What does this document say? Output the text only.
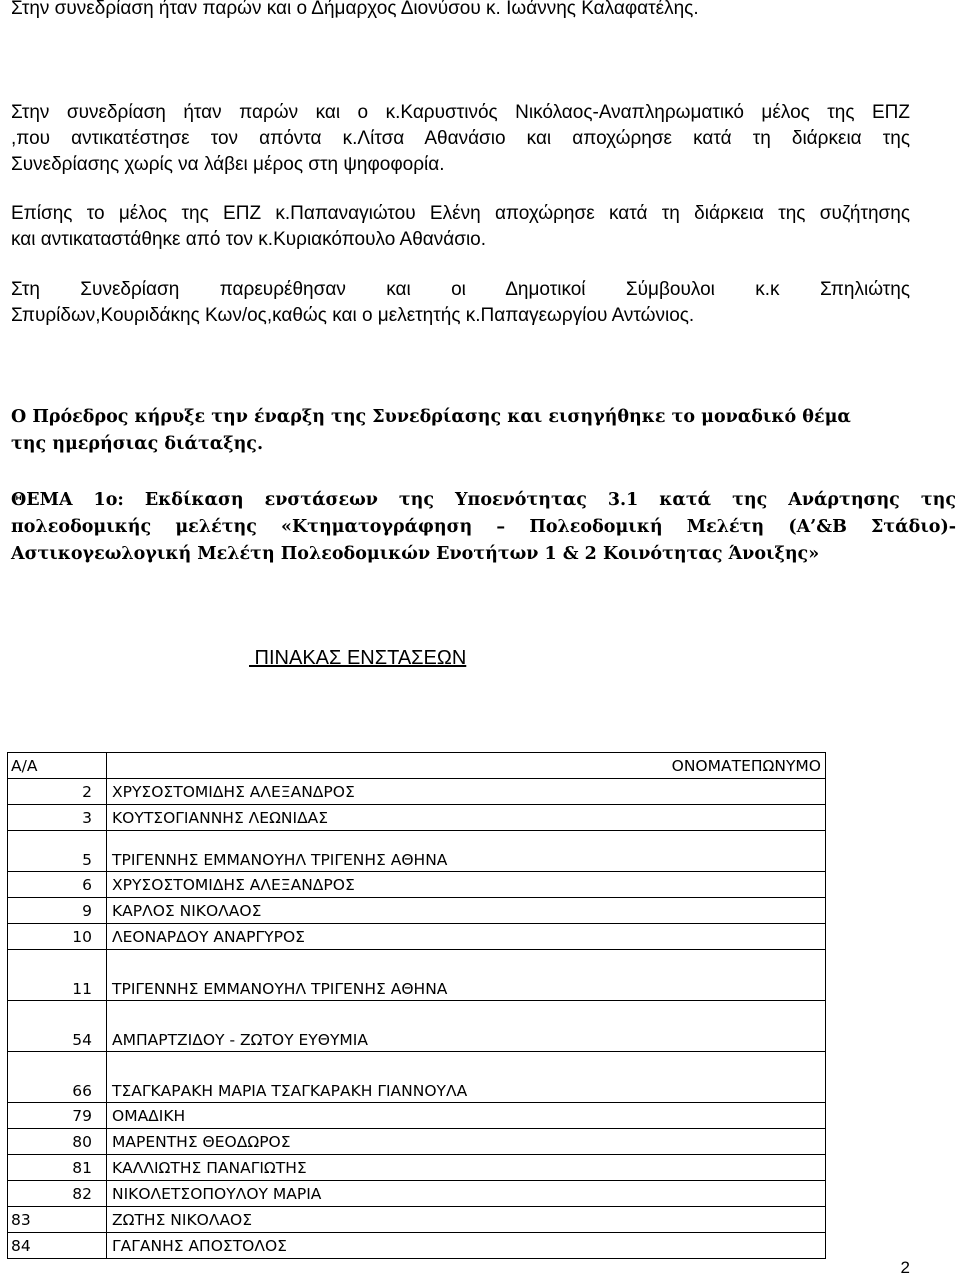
Στην συνεδρίαση ήταν παρών και ο Δήμαρχος Διονύσου κ. Ιωάννης Καλαφατέλης.
Στην συνεδρίαση ήταν παρών και ο κ.Καρυστινός Νικόλαος-Αναπληρωματικό μέλος της ΕΠΖ
,που αντικατέστησε τον απόντα κ.Λίτσα Αθανάσιο και αποχώρησε κατά τη διάρκεια της
Συνεδρίασης χωρίς να λάβει μέρος στη ψηφοφορία.
Επίσης το μέλος της ΕΠΖ κ.Παπαναγιώτου Ελένη αποχώρησε κατά τη διάρκεια της συζήτησης
και αντικαταστάθηκε από τον κ.Κυριακόπουλο Αθανάσιο.
Στη Συνεδρίαση παρευρέθησαν και οι Δημοτικοί Σύμβουλοι κ.κ Σπηλιώτης
Σπυρίδων,Κουριδάκης Κων/ος,καθώς και ο μελετητής κ.Παπαγεωργίου Αντώνιος.
Ο Πρόεδρος κήρυξε την έναρξη της Συνεδρίασης και εισηγήθηκε το μοναδικό θέμα
της ημερήσιας διάταξης.
ΘΕΜΑ 1ο: Εκδίκαση ενστάσεων της Υποενότητας 3.1 κατά της Ανάρτησης της
πολεοδομικής μελέτης «Κτηματογράφηση – Πολεοδομική Μελέτη (Α’&Β Στάδιο)-
Αστικογεωλογική Μελέτη Πολεοδομικών Ενοτήτων 1 & 2 Κοινότητας Άνοιξης»
ΠΙΝΑΚΑΣ ΕΝΣΤΑΣΕΩΝ
Α/Α	ΟΝΟΜΑΤΕΠΩΝΥΜΟ
2	ΧΡΥΣΟΣΤΟΜΙΔΗΣ ΑΛΕΞΑΝΔΡΟΣ
3	ΚΟΥΤΣΟΓΙΑΝΝΗΣ ΛΕΩΝΙΔΑΣ
5	ΤΡΙΓΕΝΝΗΣ ΕΜΜΑΝΟΥΗΛ ΤΡΙΓΕΝΗΣ ΑΘΗΝΑ
6	ΧΡΥΣΟΣΤΟΜΙΔΗΣ ΑΛΕΞΑΝΔΡΟΣ
9	ΚΑΡΛΟΣ ΝΙΚΟΛΑΟΣ
10	ΛΕΟΝΑΡΔΟΥ ΑΝΑΡΓΥΡΟΣ
11	ΤΡΙΓΕΝΝΗΣ ΕΜΜΑΝΟΥΗΛ ΤΡΙΓΕΝΗΣ ΑΘΗΝΑ
54	ΑΜΠΑΡΤΖΙΔΟΥ - ΖΩΤΟΥ ΕΥΘΥΜΙΑ
66	ΤΣΑΓΚΑΡΑΚΗ ΜΑΡΙΑ ΤΣΑΓΚΑΡΑΚΗ ΓΙΑΝΝΟΥΛΑ
79	ΟΜΑΔΙΚΗ
80	ΜΑΡΕΝΤΗΣ ΘΕΟΔΩΡΟΣ
81	ΚΑΛΛΙΩΤΗΣ ΠΑΝΑΓΙΩΤΗΣ
82	ΝΙΚΟΛΕΤΣΟΠΟΥΛΟΥ ΜΑΡΙΑ
83	ΖΩΤΗΣ ΝΙΚΟΛΑΟΣ
84	ΓΑΓΑΝΗΣ ΑΠΟΣΤΟΛΟΣ
2
